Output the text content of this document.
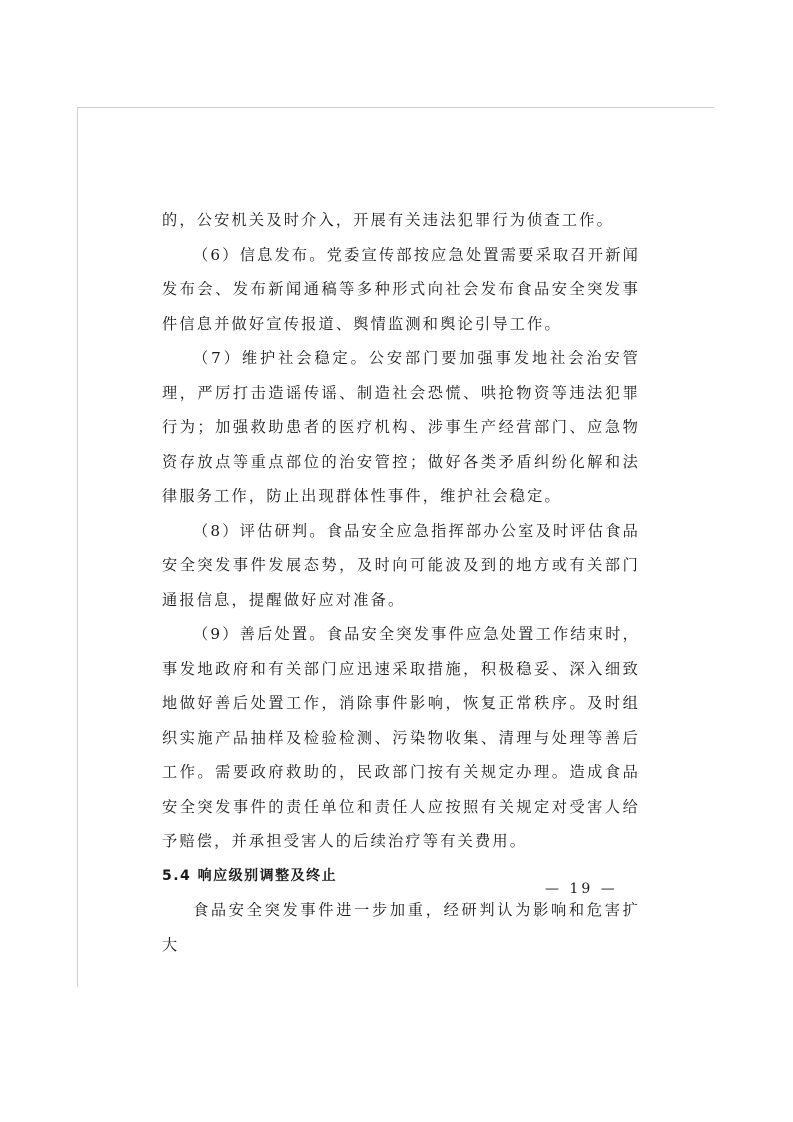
的，公安机关及时介入，开展有关违法犯罪行为侦查工作。

（6）信息发布。党委宣传部按应急处置需要采取召开新闻发布会、发布新闻通稿等多种形式向社会发布食品安全突发事件信息并做好宣传报道、舆情监测和舆论引导工作。

（7）维护社会稳定。公安部门要加强事发地社会治安管理，严厉打击造谣传谣、制造社会恐慌、哄抢物资等违法犯罪行为；加强救助患者的医疗机构、涉事生产经营部门、应急物资存放点等重点部位的治安管控；做好各类矛盾纠纷化解和法律服务工作，防止出现群体性事件，维护社会稳定。

（8）评估研判。食品安全应急指挥部办公室及时评估食品安全突发事件发展态势，及时向可能波及到的地方或有关部门通报信息，提醒做好应对准备。

（9）善后处置。食品安全突发事件应急处置工作结束时，事发地政府和有关部门应迅速采取措施，积极稳妥、深入细致地做好善后处置工作，消除事件影响，恢复正常秩序。及时组织实施产品抽样及检验检测、污染物收集、清理与处理等善后工作。需要政府救助的，民政部门按有关规定办理。造成食品安全突发事件的责任单位和责任人应按照有关规定对受害人给予赔偿，并承担受害人的后续治疗等有关费用。

5.4 响应级别调整及终止

食品安全突发事件进一步加重，经研判认为影响和危害扩大

— 19 —
